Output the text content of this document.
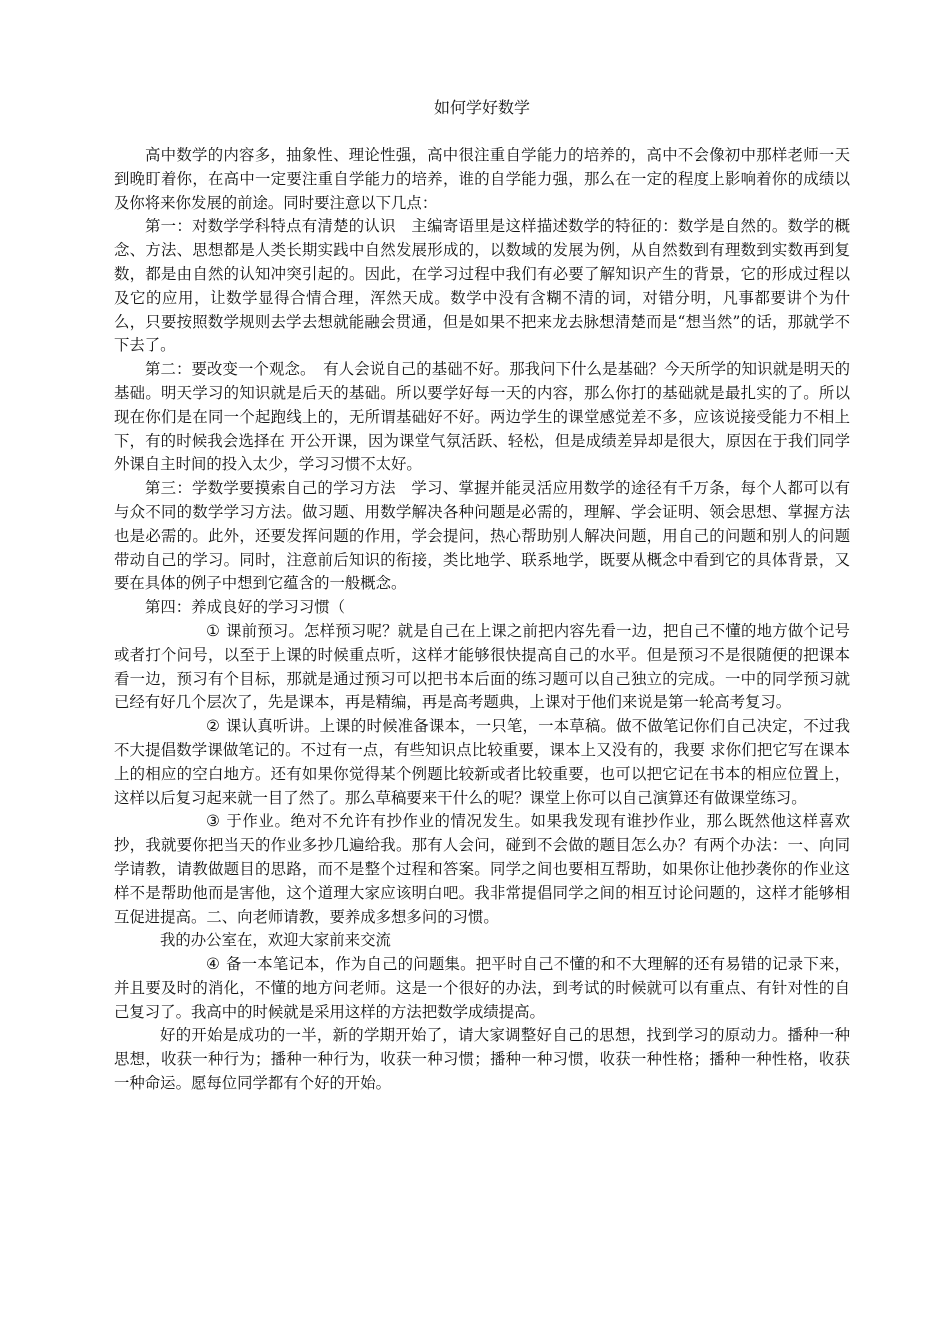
如何学好数学

高中数学的内容多，抽象性、理论性强，高中很注重自学能力的培养的，高中不会像初中那样老师一天到晚盯着你，在高中一定要注重自学能力的培养，谁的自学能力强，那么在一定的程度上影响着你的成绩以及你将来你发展的前途。同时要注意以下几点：

第一：对数学学科特点有清楚的认识　主编寄语里是这样描述数学的特征的：数学是自然的。数学的概念、方法、思想都是人类长期实践中自然发展形成的，以数域的发展为例，从自然数到有理数到实数再到复数，都是由自然的认知冲突引起的。因此，在学习过程中我们有必要了解知识产生的背景，它的形成过程以及它的应用，让数学显得合情合理，浑然天成。数学中没有含糊不清的词，对错分明，凡事都要讲个为什么，只要按照数学规则去学去想就能融会贯通，但是如果不把来龙去脉想清楚而是“想当然”的话，那就学不下去了。

第二：要改变一个观念。　有人会说自己的基础不好。那我问下什么是基础？今天所学的知识就是明天的基础。明天学习的知识就是后天的基础。所以要学好每一天的内容，那么你打的基础就是最扎实的了。所以现在你们是在同一个起跑线上的，无所谓基础好不好。两边学生的课堂感觉差不多，应该说接受能力不相上下，有的时候我会选择在 开公开课，因为课堂气氛活跃、轻松，但是成绩差异却是很大，原因在于我们同学外课自主时间的投入太少，学习习惯不太好。

第三：学数学要摸索自己的学习方法　学习、掌握并能灵活应用数学的途径有千万条，每个人都可以有与众不同的数学学习方法。做习题、用数学解决各种问题是必需的，理解、学会证明、领会思想、掌握方法也是必需的。此外，还要发挥问题的作用，学会提问，热心帮助别人解决问题，用自己的问题和别人的问题带动自己的学习。同时，注意前后知识的衔接，类比地学、联系地学，既要从概念中看到它的具体背景，又要在具体的例子中想到它蕴含的一般概念。

第四：养成良好的学习习惯（

① 课前预习。怎样预习呢？就是自己在上课之前把内容先看一边，把自己不懂的地方做个记号或者打个问号，以至于上课的时候重点听，这样才能够很快提高自己的水平。但是预习不是很随便的把课本看一边，预习有个目标，那就是通过预习可以把书本后面的练习题可以自己独立的完成。一中的同学预习就已经有好几个层次了，先是课本，再是精编，再是高考题典，上课对于他们来说是第一轮高考复习。

② 课认真听讲。上课的时候准备课本，一只笔，一本草稿。做不做笔记你们自己决定，不过我不大提倡数学课做笔记的。不过有一点，有些知识点比较重要，课本上又没有的，我要 求你们把它写在课本上的相应的空白地方。还有如果你觉得某个例题比较新或者比较重要，也可以把它记在书本的相应位置上，这样以后复习起来就一目了然了。那么草稿要来干什么的呢？课堂上你可以自己演算还有做课堂练习。

③ 于作业。绝对不允许有抄作业的情况发生。如果我发现有谁抄作业，那么既然他这样喜欢抄，我就要你把当天的作业多抄几遍给我。那有人会问，碰到不会做的题目怎么办？有两个办法：一、向同学请教，请教做题目的思路，而不是整个过程和答案。同学之间也要相互帮助，如果你让他抄袭你的作业这样不是帮助他而是害他，这个道理大家应该明白吧。我非常提倡同学之间的相互讨论问题的，这样才能够相互促进提高。二、向老师请教，要养成多想多问的习惯。

我的办公室在，欢迎大家前来交流

④ 备一本笔记本，作为自己的问题集。把平时自己不懂的和不大理解的还有易错的记录下来，并且要及时的消化，不懂的地方问老师。这是一个很好的办法，到考试的时候就可以有重点、有针对性的自己复习了。我高中的时候就是采用这样的方法把数学成绩提高。

好的开始是成功的一半，新的学期开始了，请大家调整好自己的思想，找到学习的原动力。播种一种思想，收获一种行为；播种一种行为，收获一种习惯；播种一种习惯，收获一种性格；播种一种性格，收获一种命运。愿每位同学都有个好的开始。
